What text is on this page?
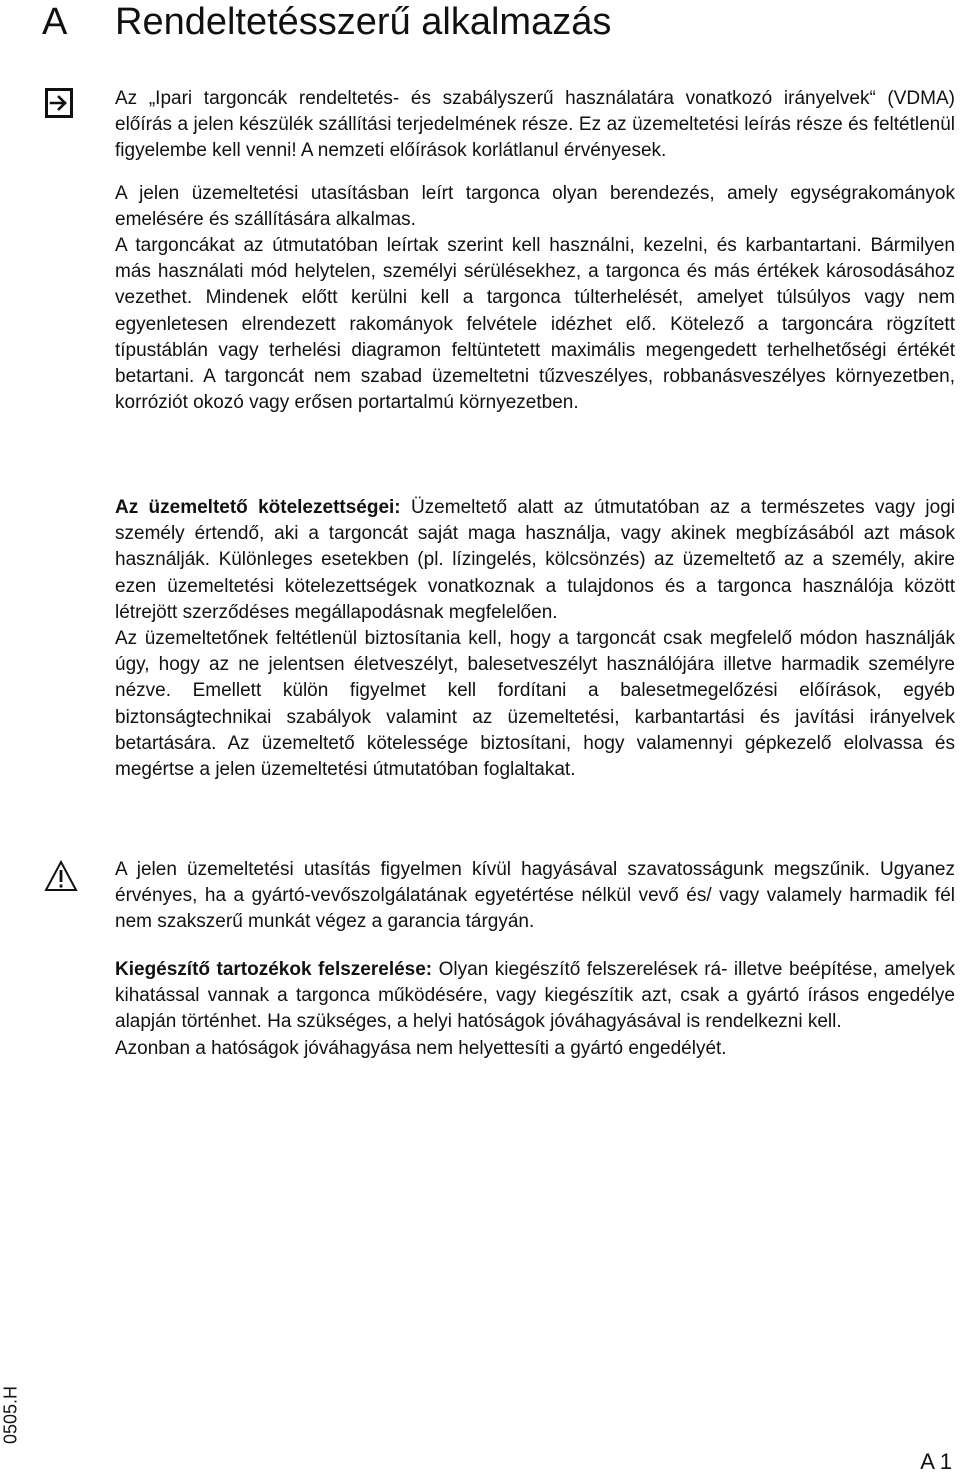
A Rendeltetésszerű alkalmazás

Az „Ipari targoncák rendeltetés- és szabályszerű használatára vonatkozó irányelvek“ (VDMA) előírás a jelen készülék szállítási terjedelmének része. Ez az üzemeltetési leírás része és feltétlenül figyelembe kell venni! A nemzeti előírások korlátlanul érvényesek.

A jelen üzemeltetési utasításban leírt targonca olyan berendezés, amely egységrakományok emelésére és szállítására alkalmas.

A targoncákat az útmutatóban leírtak szerint kell használni, kezelni, és karbantartani. Bármilyen más használati mód helytelen, személyi sérülésekhez, a targonca és más értékek károsodásához vezethet. Mindenek előtt kerülni kell a targonca túlterhelését, amelyet túlsúlyos vagy nem egyenletesen elrendezett rakományok felvétele idézhet elő. Kötelező a targoncára rögzített típustáblán vagy terhelési diagramon feltüntetett maximális megengedett terhelhetőségi értékét betartani. A targoncát nem szabad üzemeltetni tűzveszélyes, robbanásveszélyes környezetben, korróziót okozó vagy erősen portartalmú környezetben.

Az üzemeltető kötelezettségei: Üzemeltető alatt az útmutatóban az a természetes vagy jogi személy értendő, aki a targoncát saját maga használja, vagy akinek megbízásából azt mások használják. Különleges esetekben (pl. lízingelés, kölcsönzés) az üzemeltető az a személy, akire ezen üzemeltetési kötelezettségek vonatkoznak a tulajdonos és a targonca használója között létrejött szerződéses megállapodásnak megfelelően.

Az üzemeltetőnek feltétlenül biztosítania kell, hogy a targoncát csak megfelelő módon használják úgy, hogy az ne jelentsen életveszélyt, balesetveszélyt használójára illetve harmadik személyre nézve. Emellett külön figyelmet kell fordítani a balesetmegelőzési előírások, egyéb biztonságtechnikai szabályok valamint az üzemeltetési, karbantartási és javítási irányelvek betartására. Az üzemeltető kötelessége biztosítani, hogy valamennyi gépkezelő elolvassa és megértse a jelen üzemeltetési útmutatóban foglaltakat.

A jelen üzemeltetési utasítás figyelmen kívül hagyásával szavatosságunk megszűnik. Ugyanez érvényes, ha a gyártó-vevőszolgálatának egyetértése nélkül vevő és/ vagy valamely harmadik fél nem szakszerű munkát végez a garancia tárgyán.

Kiegészítő tartozékok felszerelése: Olyan kiegészítő felszerelések rá- illetve beépítése, amelyek kihatással vannak a targonca működésére, vagy kiegészítik azt, csak a gyártó írásos engedélye alapján történhet. Ha szükséges, a helyi hatóságok jóváhagyásával is rendelkezni kell.

Azonban a hatóságok jóváhagyása nem helyettesíti a gyártó engedélyét.

0505.H
A 1
